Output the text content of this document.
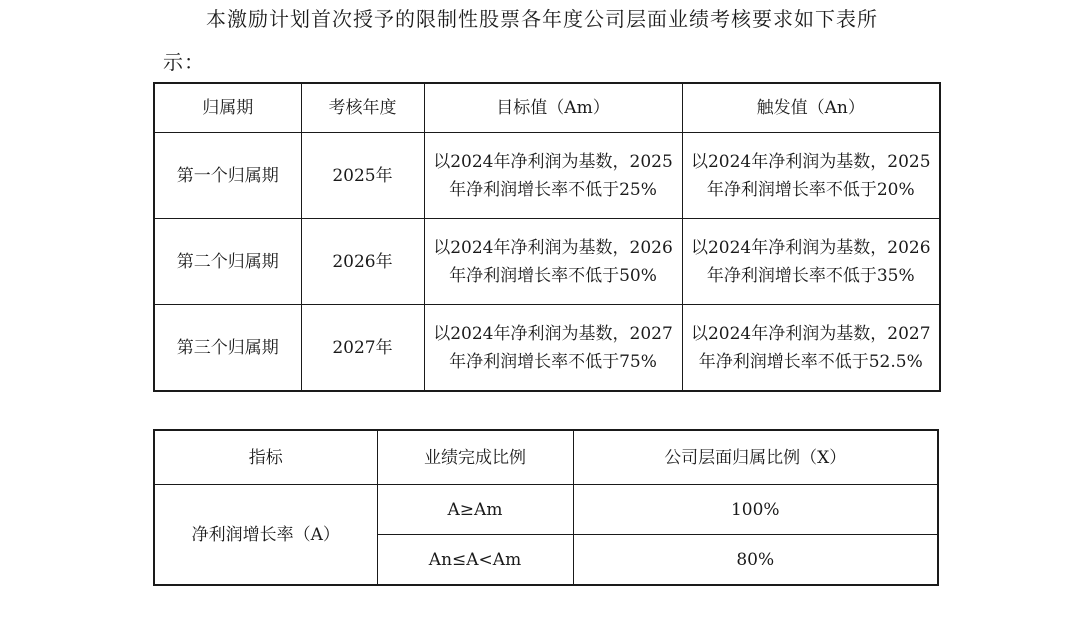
本激励计划首次授予的限制性股票各年度公司层面业绩考核要求如下表所
示：
归属期	考核年度	目标值（Am）	触发值（An）
第一个归属期	2025年	以2024年净利润为基数，2025年净利润增长率不低于25%	以2024年净利润为基数，2025年净利润增长率不低于20%
第二个归属期	2026年	以2024年净利润为基数，2026年净利润增长率不低于50%	以2024年净利润为基数，2026年净利润增长率不低于35%
第三个归属期	2027年	以2024年净利润为基数，2027年净利润增长率不低于75%	以2024年净利润为基数，2027年净利润增长率不低于52.5%
指标	业绩完成比例	公司层面归属比例（X）
净利润增长率（A）	A≥Am	100%
	An≤A<Am	80%
